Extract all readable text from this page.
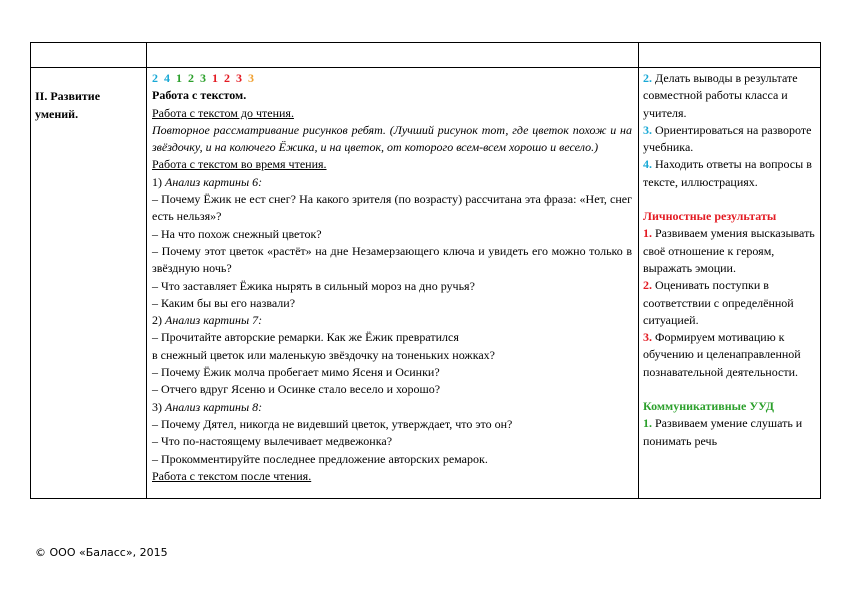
II. Развитие
умений.
2 4 1 2 3 1 2 3 3
Работа с текстом.
Работа с текстом до чтения.
Повторное рассматривание рисунков ребят. (Лучший рисунок тот, где цветок похож и на звёздочку, и на колючего Ёжика, и на цветок, от которого всем-всем хорошо и весело.)
Работа с текстом во время чтения.
1) Анализ картины 6:
– Почему Ёжик не ест снег? На какого зрителя (по возрасту) рассчитана эта фраза: «Нет, снег есть нельзя»?
– На что похож снежный цветок?
– Почему этот цветок «растёт» на дне Незамерзающего ключа и увидеть его можно только в звёздную ночь?
– Что заставляет Ёжика нырять в сильный мороз на дно ручья?
– Каким бы вы его назвали?
2) Анализ картины 7:
– Прочитайте авторские ремарки. Как же Ёжик превратился
в снежный цветок или маленькую звёздочку на тоненьких ножках?
– Почему Ёжик молча пробегает мимо Ясеня и Осинки?
– Отчего вдруг Ясеню и Осинке стало весело и хорошо?
3) Анализ картины 8:
– Почему Дятел, никогда не видевший цветок, утверждает, что это он?
– Что по-настоящему вылечивает медвежонка?
– Прокомментируйте последнее предложение авторских ремарок.
Работа с текстом после чтения.
2. Делать выводы в результате совместной работы класса и учителя.
3. Ориентироваться на развороте учебника.
4. Находить ответы на вопросы в тексте, иллюстрациях.
Личностные результаты
1. Развиваем умения высказывать своё отношение к героям, выражать эмоции.
2. Оценивать поступки в соответствии с определённой ситуацией.
3. Формируем мотивацию к обучению и целенаправленной познавательной деятельности.
Коммуникативные УУД
1. Развиваем умение слушать и понимать речь
© ООО «Баласс», 2015
